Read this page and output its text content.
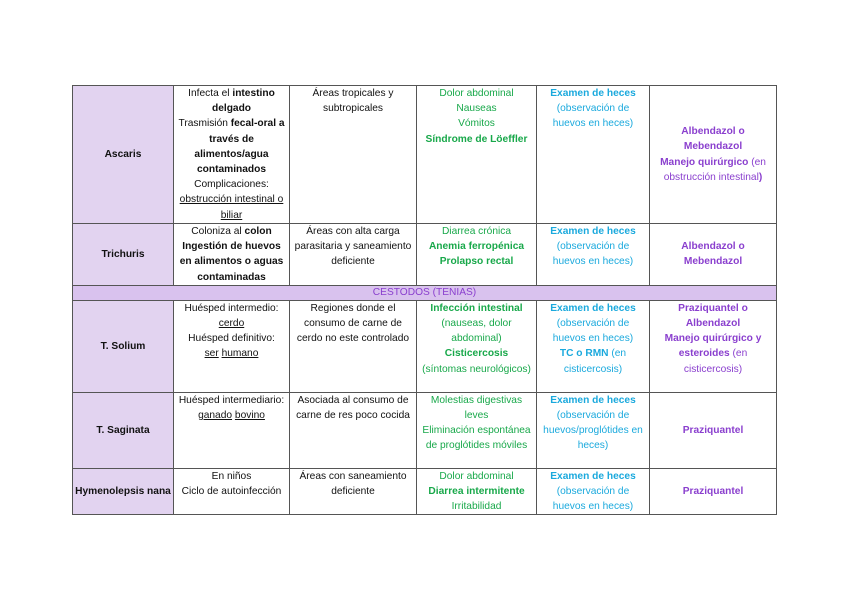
Ascaris	Infecta el intestino delgado
Trasmisión fecal-oral a través de alimentos/agua contaminados
Complicaciones:
obstrucción intestinal o biliar	Áreas tropicales y subtropicales	Dolor abdominal
Nauseas
Vómitos
Síndrome de Löeffler	Examen de heces
(observación de huevos en heces)	Albendazol o Mebendazol
Manejo quirúrgico (en obstrucción intestinal)
Trichuris	Coloniza al colon
Ingestión de huevos en alimentos o aguas contaminadas	Áreas con alta carga parasitaria y saneamiento deficiente	Diarrea crónica
Anemia ferropénica
Prolapso rectal	Examen de heces
(observación de huevos en heces)	Albendazol o Mebendazol
CESTODOS (TENIAS)					
T. Solium	Huésped intermedio:
cerdo
Huésped definitivo:
ser humano	Regiones donde el consumo de carne de cerdo no este controlado	Infección intestinal
(nauseas, dolor abdominal)
Cisticercosis
(síntomas neurológicos)	Examen de heces
(observación de huevos en heces)
TC o RMN (en cisticercosis)	Praziquantel o Albendazol
Manejo quirúrgico y esteroides (en cisticercosis)
T. Saginata	Huésped intermediario:
ganado bovino	Asociada al consumo de carne de res poco cocida	Molestias digestivas leves
Eliminación espontánea de proglótides móviles	Examen de heces
(observación de huevos/proglótides en heces)	Praziquantel
Hymenolepsis nana	En niños
Ciclo de autoinfección	Áreas con saneamiento deficiente	Dolor abdominal
Diarrea intermitente
Irritabilidad	Examen de heces
(observación de huevos en heces)	Praziquantel
